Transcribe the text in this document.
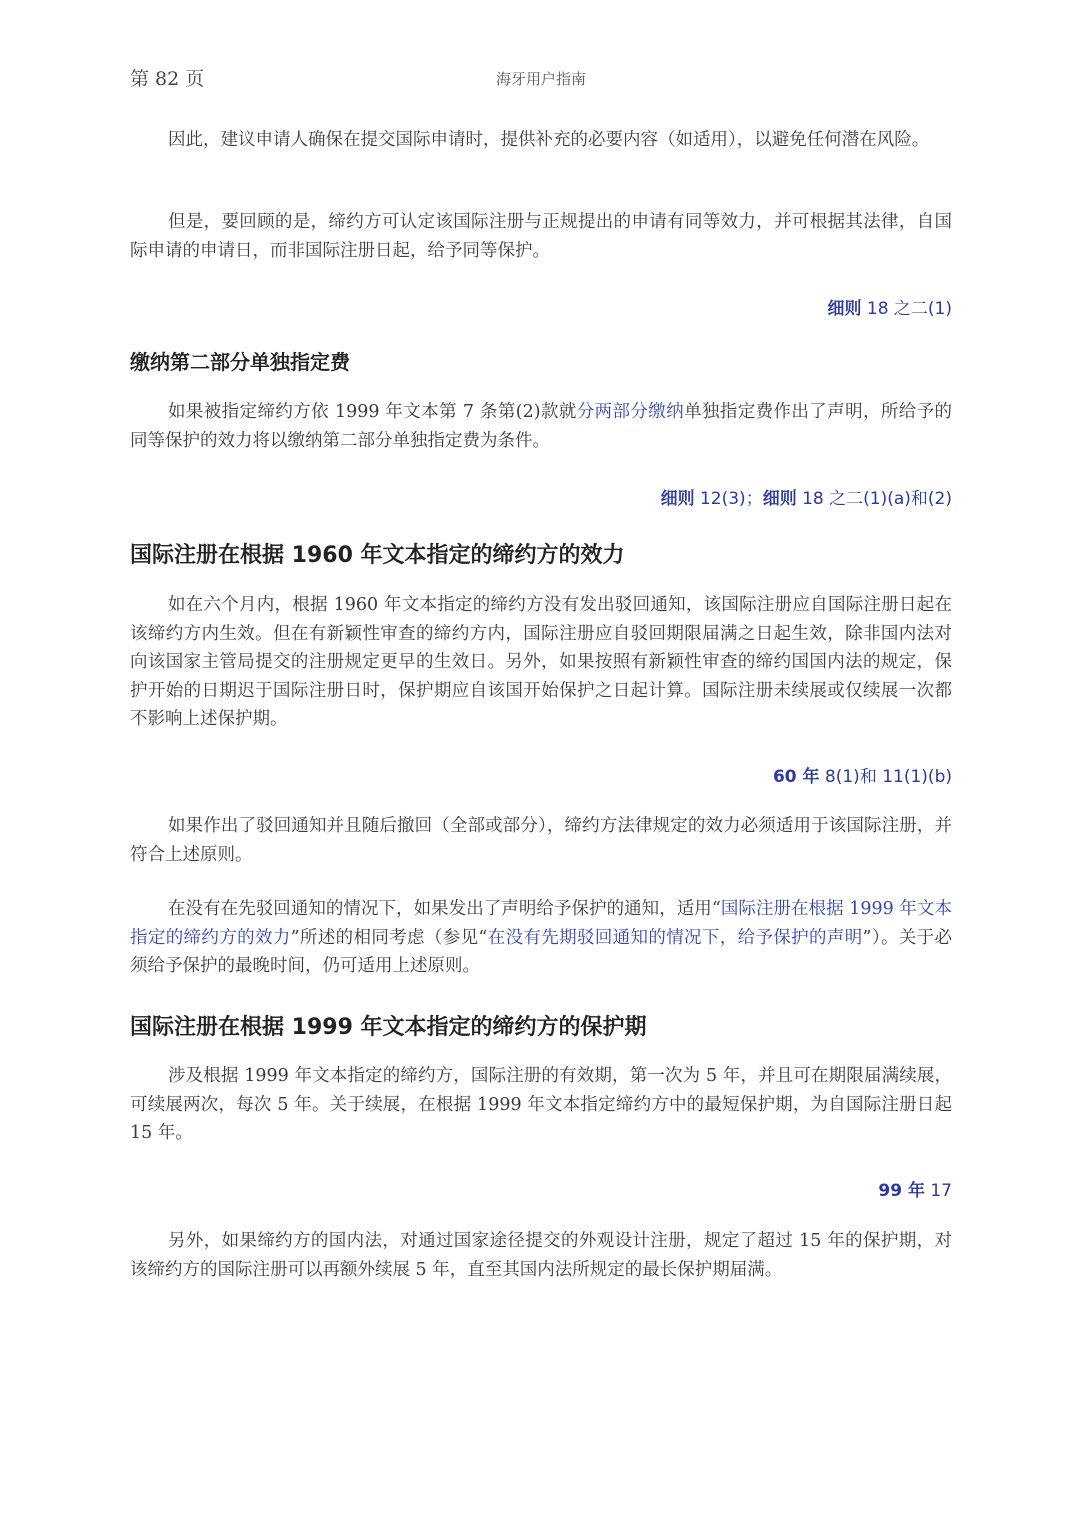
第 82 页	海牙用户指南

因此，建议申请人确保在提交国际申请时，提供补充的必要内容（如适用），以避免任何潜在风险。

但是，要回顾的是，缔约方可认定该国际注册与正规提出的申请有同等效力，并可根据其法律，自国际申请的申请日，而非国际注册日起，给予同等保护。

细则 18 之二(1)
缴纳第二部分单独指定费

如果被指定缔约方依 1999 年文本第 7 条第(2)款就分两部分缴纳单独指定费作出了声明，所给予的同等保护的效力将以缴纳第二部分单独指定费为条件。

细则 12(3)；细则 18 之二(1)(a)和(2)
国际注册在根据 1960 年文本指定的缔约方的效力

如在六个月内，根据 1960 年文本指定的缔约方没有发出驳回通知，该国际注册应自国际注册日起在该缔约方内生效。但在有新颖性审查的缔约方内，国际注册应自驳回期限届满之日起生效，除非国内法对向该国家主管局提交的注册规定更早的生效日。另外，如果按照有新颖性审查的缔约国国内法的规定，保护开始的日期迟于国际注册日时，保护期应自该国开始保护之日起计算。国际注册未续展或仅续展一次都不影响上述保护期。

60 年 8(1)和 11(1)(b)

如果作出了驳回通知并且随后撤回（全部或部分），缔约方法律规定的效力必须适用于该国际注册，并符合上述原则。

在没有在先驳回通知的情况下，如果发出了声明给予保护的通知，适用“国际注册在根据 1999 年文本指定的缔约方的效力”所述的相同考虑（参见“在没有先期驳回通知的情况下，给予保护的声明”）。关于必须给予保护的最晚时间，仍可适用上述原则。

国际注册在根据 1999 年文本指定的缔约方的保护期

涉及根据 1999 年文本指定的缔约方，国际注册的有效期，第一次为 5 年，并且可在期限届满续展，可续展两次，每次 5 年。关于续展，在根据 1999 年文本指定缔约方中的最短保护期，为自国际注册日起 15 年。

99 年 17

另外，如果缔约方的国内法，对通过国家途径提交的外观设计注册，规定了超过 15 年的保护期，对该缔约方的国际注册可以再额外续展 5 年，直至其国内法所规定的最长保护期届满。
